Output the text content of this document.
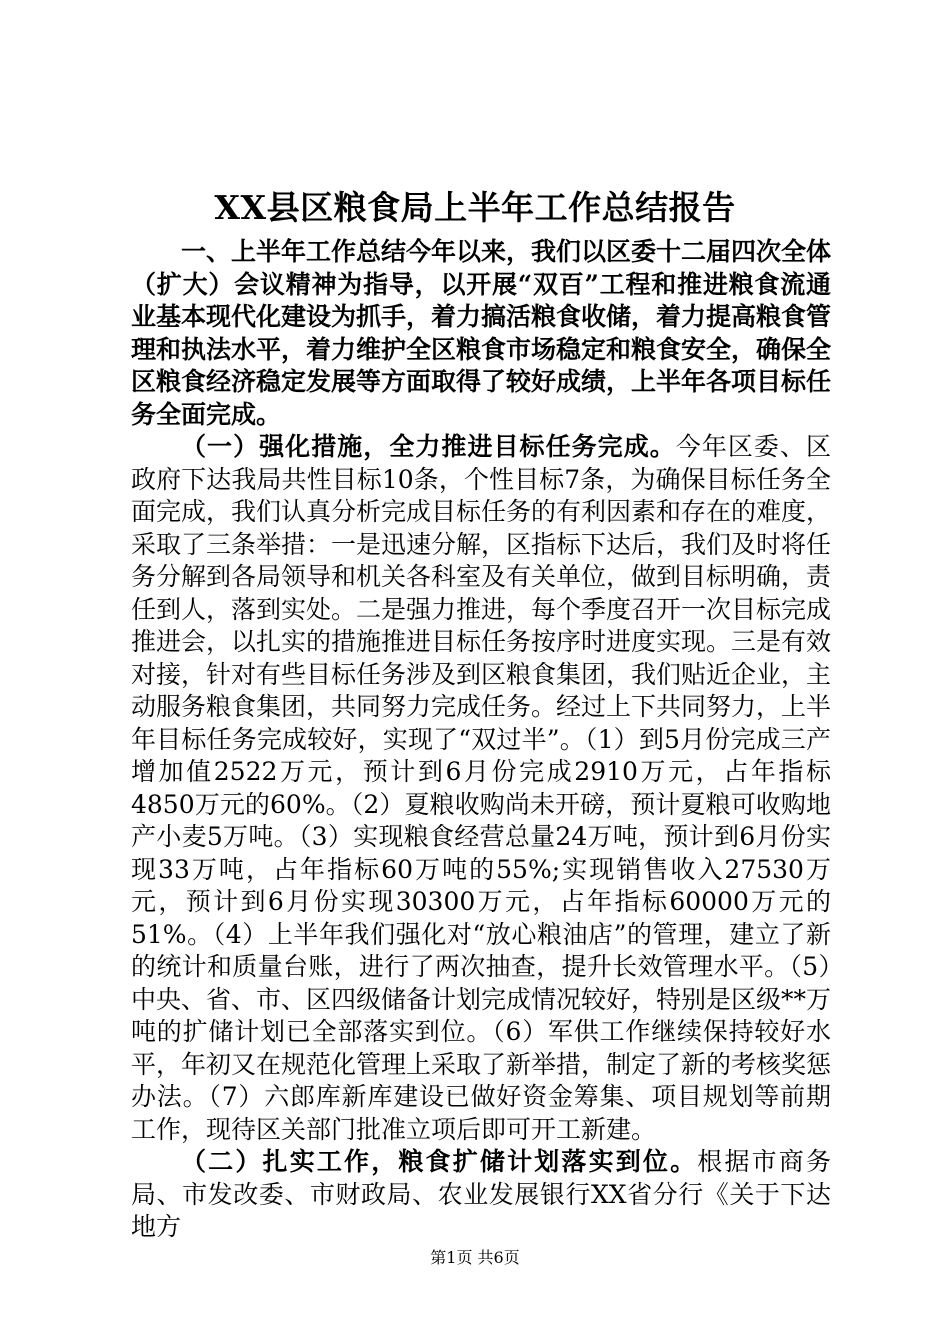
XX县区粮食局上半年工作总结报告

一、上半年工作总结今年以来，我们以区委十二届四次全体（扩大）会议精神为指导，以开展“双百”工程和推进粮食流通业基本现代化建设为抓手，着力搞活粮食收储，着力提高粮食管理和执法水平，着力维护全区粮食市场稳定和粮食安全，确保全区粮食经济稳定发展等方面取得了较好成绩，上半年各项目标任务全面完成。

（一）强化措施，全力推进目标任务完成。今年区委、区政府下达我局共性目标10条，个性目标7条，为确保目标任务全面完成，我们认真分析完成目标任务的有利因素和存在的难度，采取了三条举措：一是迅速分解，区指标下达后，我们及时将任务分解到各局领导和机关各科室及有关单位，做到目标明确，责任到人，落到实处。二是强力推进，每个季度召开一次目标完成推进会，以扎实的措施推进目标任务按序时进度实现。三是有效对接，针对有些目标任务涉及到区粮食集团，我们贴近企业，主动服务粮食集团，共同努力完成任务。经过上下共同努力，上半年目标任务完成较好，实现了“双过半”。（1）到5月份完成三产增加值2522万元，预计到6月份完成2910万元，占年指标4850万元的60%。（2）夏粮收购尚未开磅，预计夏粮可收购地产小麦5万吨。（3）实现粮食经营总量24万吨，预计到6月份实现33万吨，占年指标60万吨的55%;实现销售收入27530万元，预计到6月份实现30300万元，占年指标60000万元的51%。（4）上半年我们强化对“放心粮油店”的管理，建立了新的统计和质量台账，进行了两次抽查，提升长效管理水平。（5）中央、省、市、区四级储备计划完成情况较好，特别是区级**万吨的扩储计划已全部落实到位。（6）军供工作继续保持较好水平，年初又在规范化管理上采取了新举措，制定了新的考核奖惩办法。（7）六郎库新库建设已做好资金筹集、项目规划等前期工作，现待区关部门批准立项后即可开工新建。

（二）扎实工作，粮食扩储计划落实到位。根据市商务局、市发改委、市财政局、农业发展银行XX省分行《关于下达地方

第1页 共6页
